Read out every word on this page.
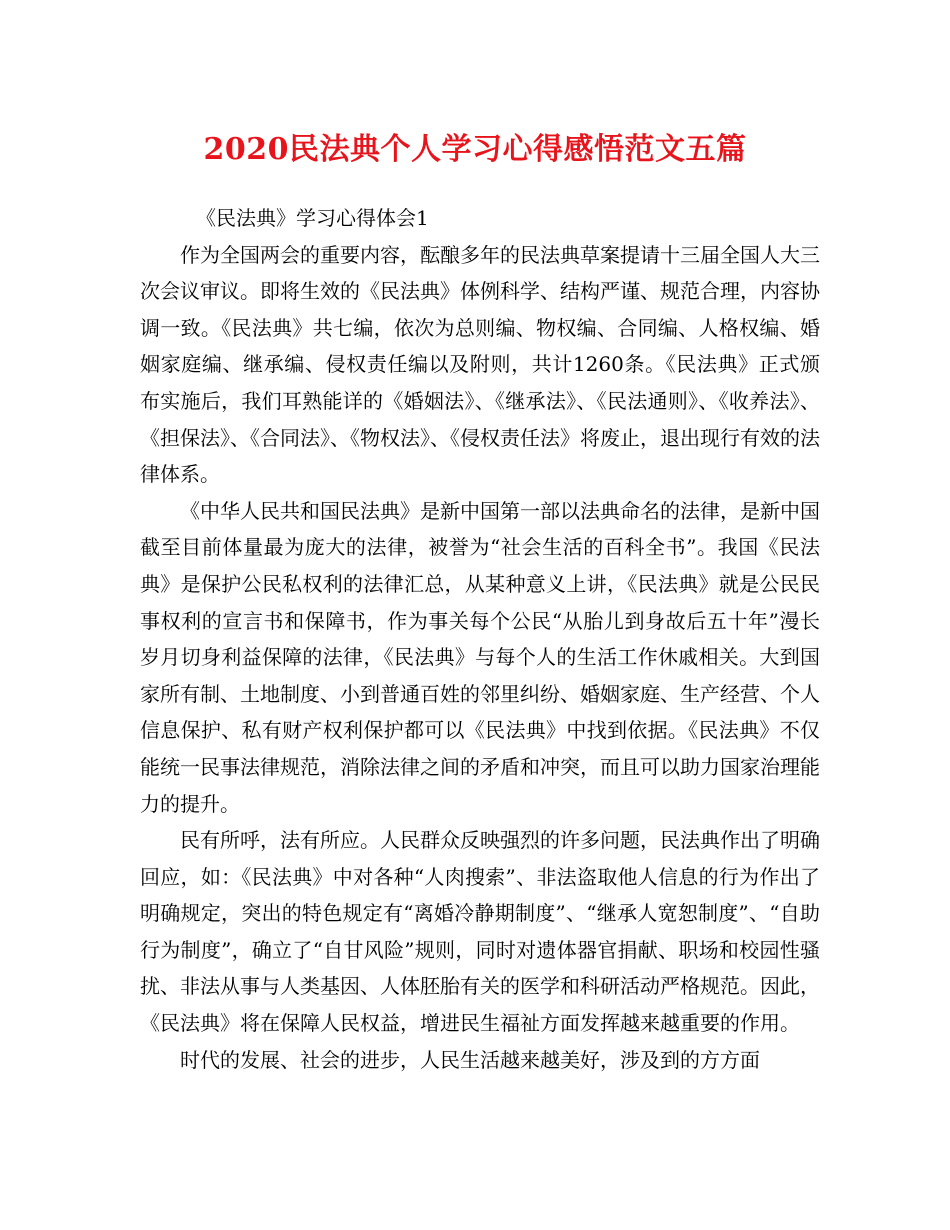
2020民法典个人学习心得感悟范文五篇

《民法典》学习心得体会1

作为全国两会的重要内容，酝酿多年的民法典草案提请十三届全国人大三次会议审议。即将生效的《民法典》体例科学、结构严谨、规范合理，内容协调一致。《民法典》共七编，依次为总则编、物权编、合同编、人格权编、婚姻家庭编、继承编、侵权责任编以及附则，共计1260条。《民法典》正式颁布实施后，我们耳熟能详的《婚姻法》、《继承法》、《民法通则》、《收养法》、《担保法》、《合同法》、《物权法》、《侵权责任法》将废止，退出现行有效的法律体系。

《中华人民共和国民法典》是新中国第一部以法典命名的法律，是新中国截至目前体量最为庞大的法律，被誉为“社会生活的百科全书”。我国《民法典》是保护公民私权利的法律汇总，从某种意义上讲，《民法典》就是公民民事权利的宣言书和保障书，作为事关每个公民“从胎儿到身故后五十年”漫长岁月切身利益保障的法律，《民法典》与每个人的生活工作休戚相关。大到国家所有制、土地制度、小到普通百姓的邻里纠纷、婚姻家庭、生产经营、个人信息保护、私有财产权利保护都可以《民法典》中找到依据。《民法典》不仅能统一民事法律规范，消除法律之间的矛盾和冲突，而且可以助力国家治理能力的提升。

民有所呼，法有所应。人民群众反映强烈的许多问题，民法典作出了明确回应，如：《民法典》中对各种“人肉搜索”、非法盗取他人信息的行为作出了明确规定，突出的特色规定有“离婚冷静期制度”、“继承人宽恕制度”、“自助行为制度”，确立了“自甘风险”规则，同时对遗体器官捐献、职场和校园性骚扰、非法从事与人类基因、人体胚胎有关的医学和科研活动严格规范。因此，《民法典》将在保障人民权益，增进民生福祉方面发挥越来越重要的作用。

时代的发展、社会的进步，人民生活越来越美好，涉及到的方方面
